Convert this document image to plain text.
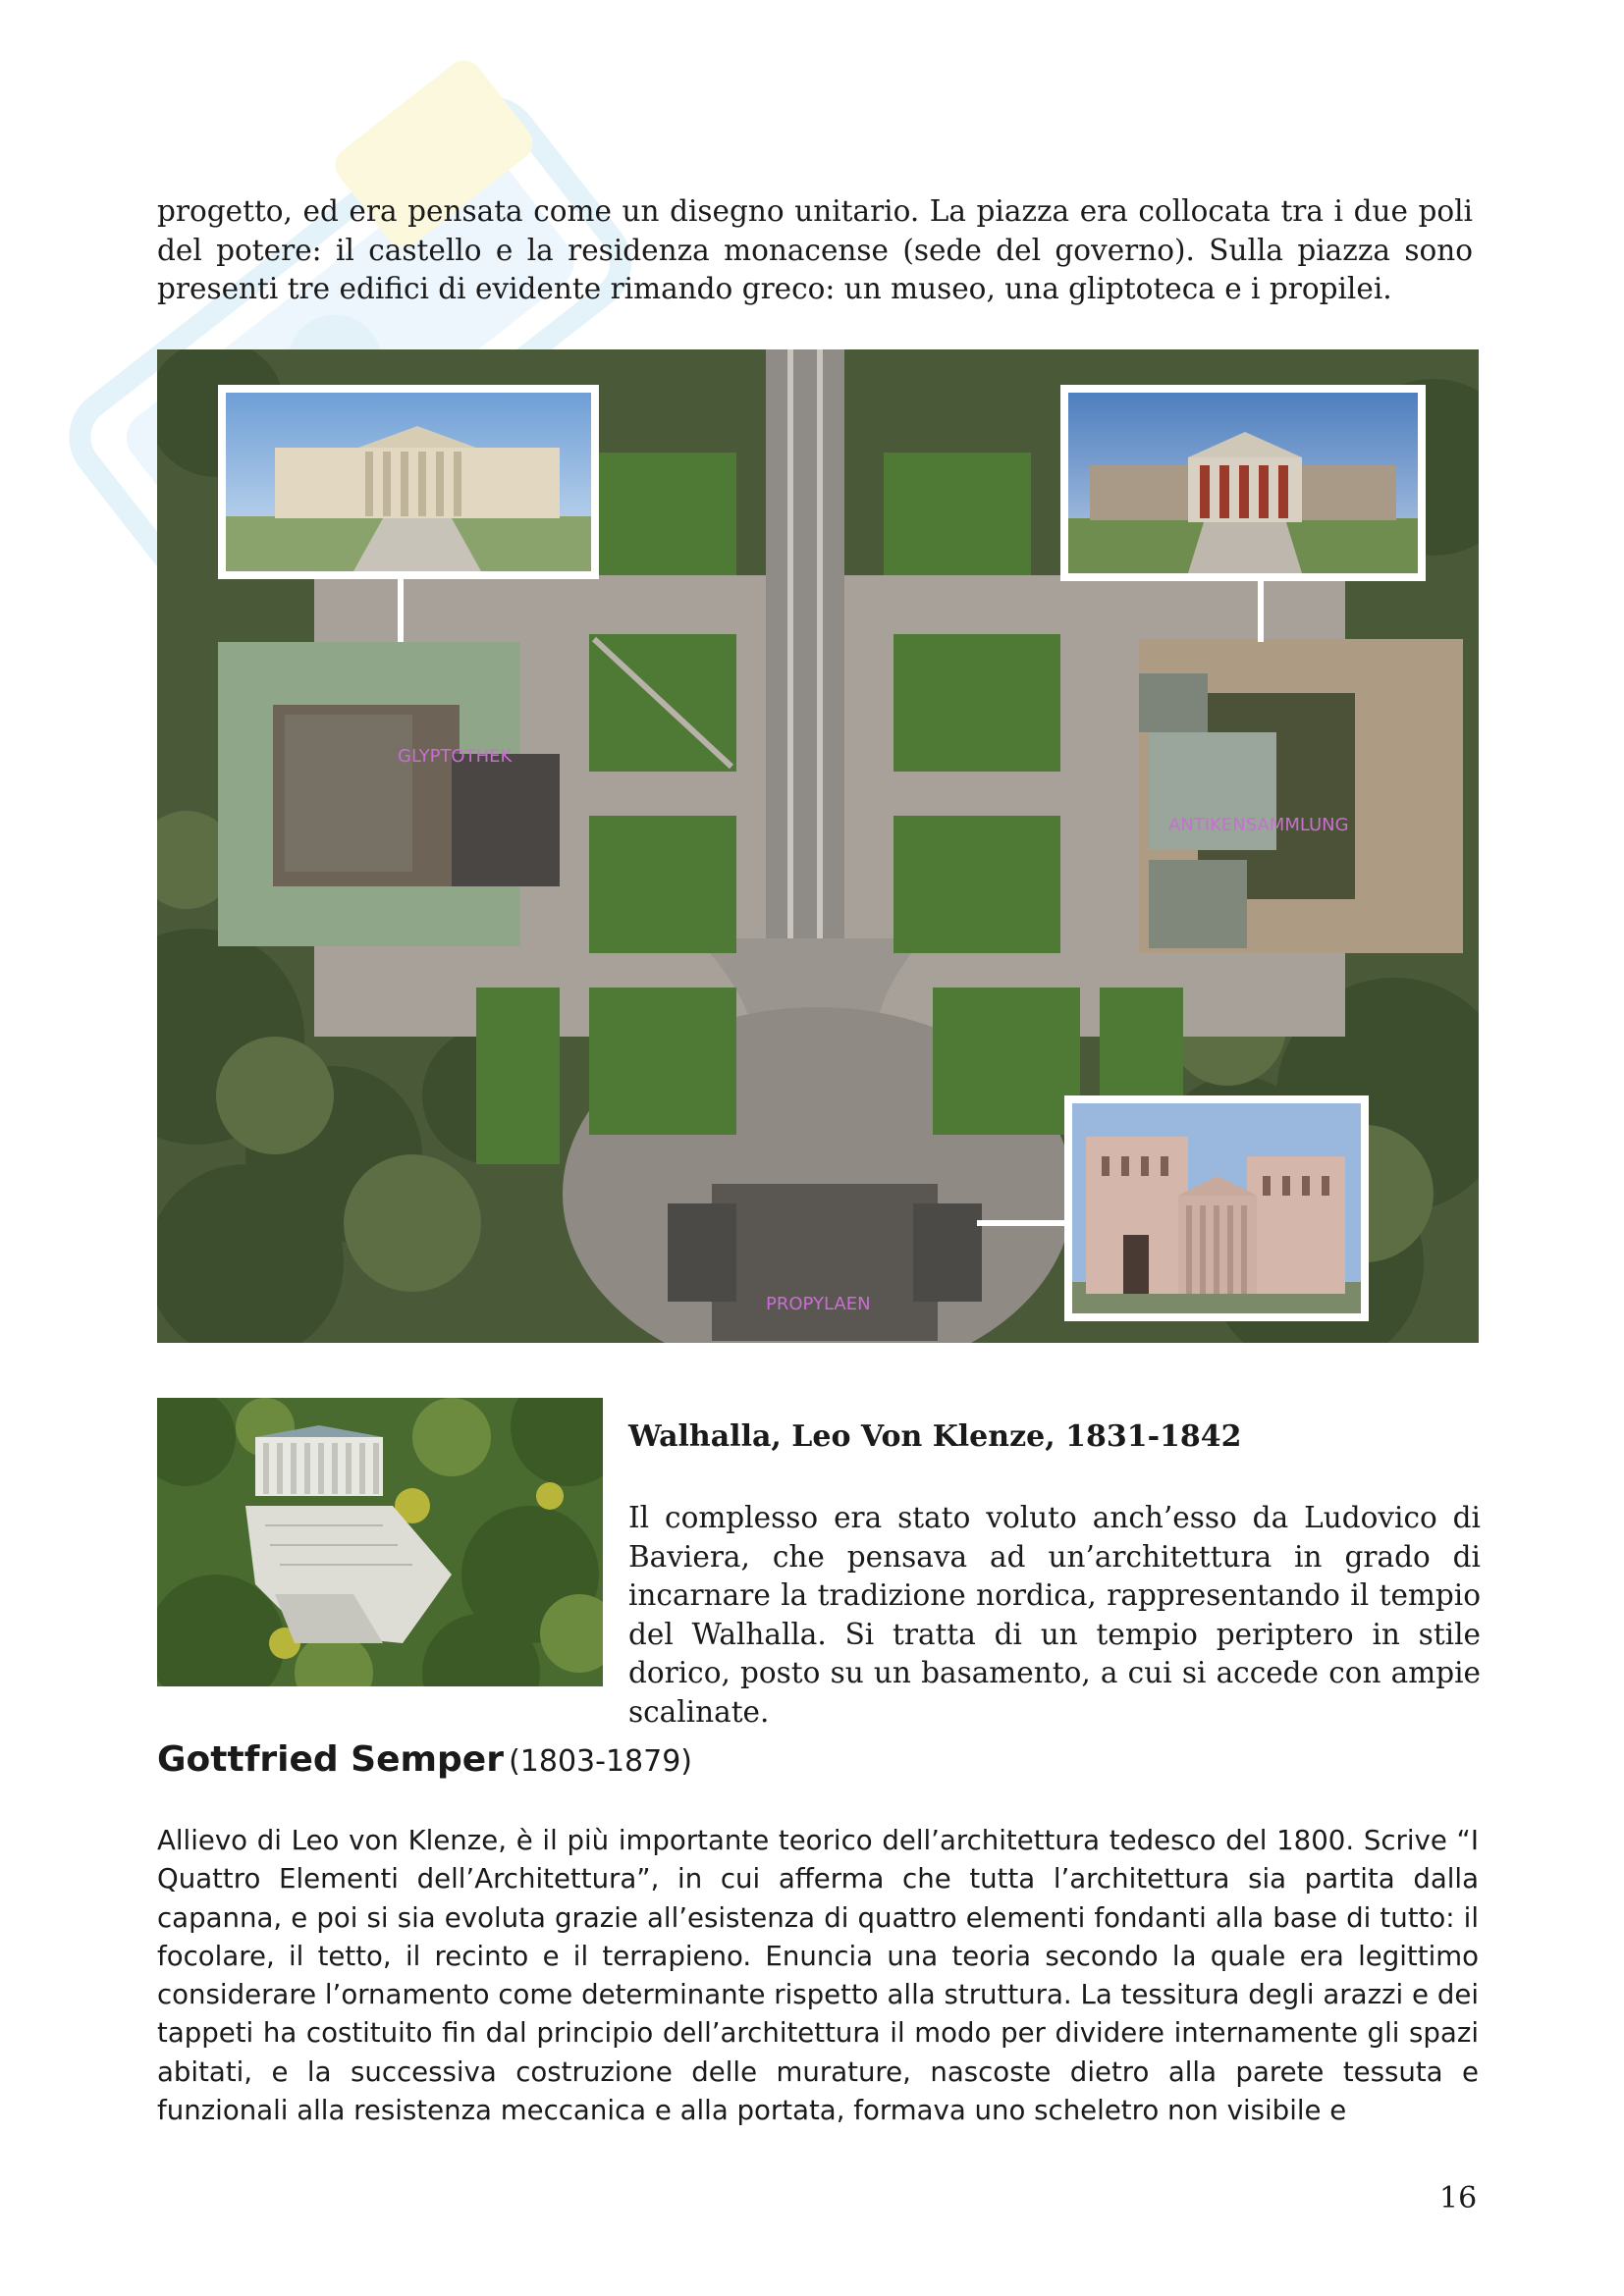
progetto, ed era pensata come un disegno unitario. La piazza era collocata tra i due poli del potere: il castello e la residenza monacense (sede del governo). Sulla piazza sono presenti tre edifici di evidente rimando greco: un museo, una gliptoteca e i propilei.

GLYPTOTHEK
ANTIKENSAMMLUNG
PROPYLAEN
Walhalla, Leo Von Klenze, 1831-1842
Il complesso era stato voluto anch’esso da Ludovico di Baviera, che pensava ad un’architettura in grado di incarnare la tradizione nordica, rappresentando il tempio del Walhalla. Si tratta di un tempio periptero in stile dorico, posto su un basamento, a cui si accede con ampie scalinate.
Gottfried Semper (1803-1879)

Allievo di Leo von Klenze, è il più importante teorico dell’architettura tedesco del 1800. Scrive “I Quattro Elementi dell’Architettura”, in cui afferma che tutta l’architettura sia partita dalla capanna, e poi si sia evoluta grazie all’esistenza di quattro elementi fondanti alla base di tutto: il focolare, il tetto, il recinto e il terrapieno. Enuncia una teoria secondo la quale era legittimo considerare l’ornamento come determinante rispetto alla struttura. La tessitura degli arazzi e dei tappeti ha costituito fin dal principio dell’architettura il modo per dividere internamente gli spazi abitati, e la successiva costruzione delle murature, nascoste dietro alla parete tessuta e funzionali alla resistenza meccanica e alla portata, formava uno scheletro non visibile e

16
